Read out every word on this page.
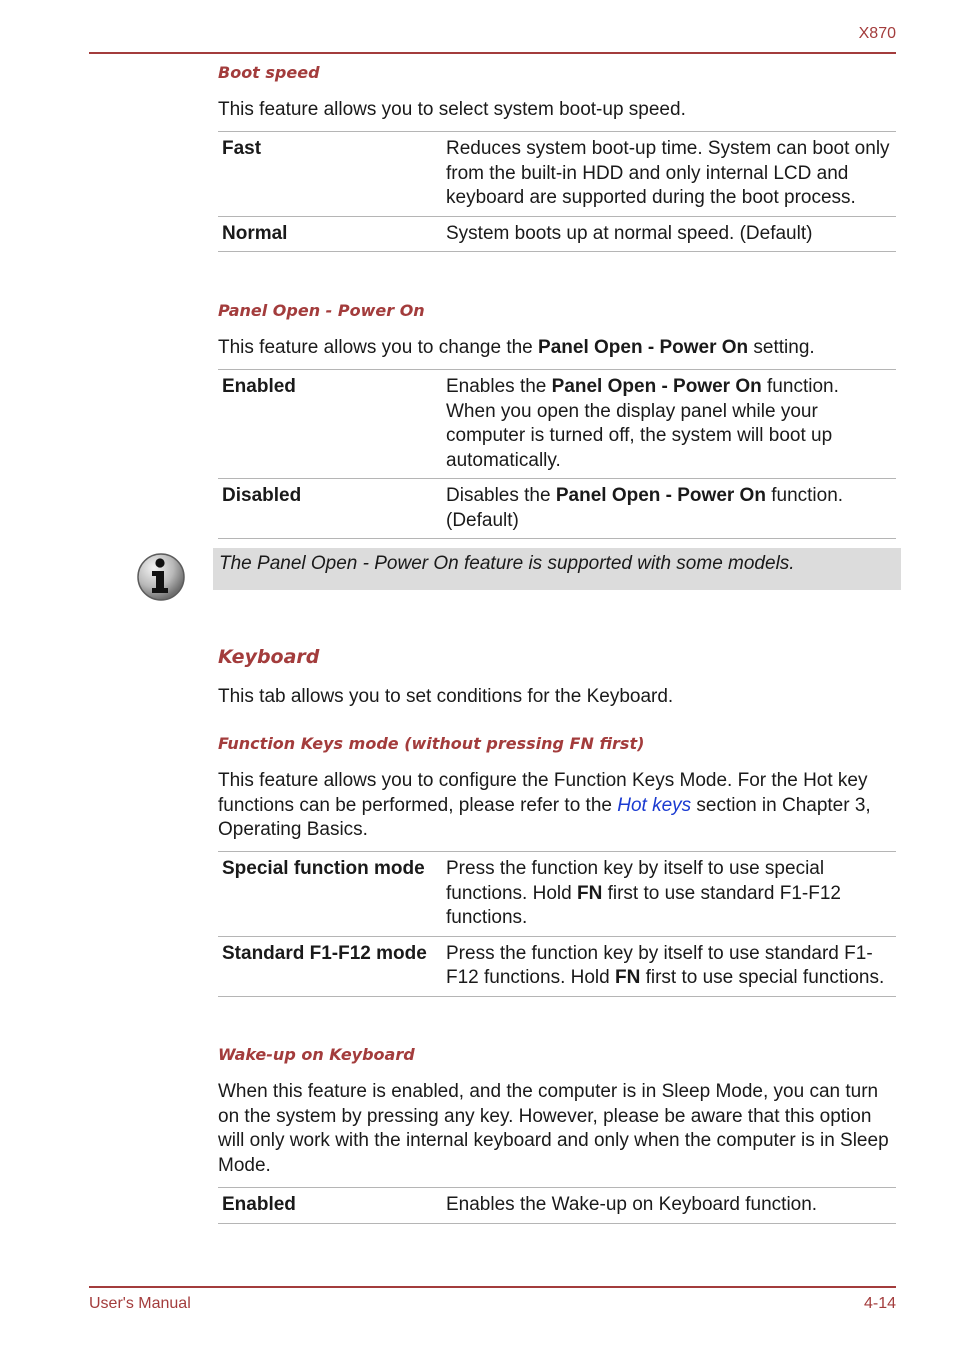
X870
Boot speed
This feature allows you to select system boot-up speed.
Fast	Reduces system boot-up time. System can boot only from the built-in HDD and only internal LCD and keyboard are supported during the boot process.
Normal	System boots up at normal speed. (Default)
Panel Open - Power On
This feature allows you to change the Panel Open - Power On setting.
Enabled	Enables the Panel Open - Power On function. When you open the display panel while your computer is turned off, the system will boot up automatically.
Disabled	Disables the Panel Open - Power On function. (Default)
The Panel Open - Power On feature is supported with some models.
Keyboard
This tab allows you to set conditions for the Keyboard.
Function Keys mode (without pressing FN first)
This feature allows you to configure the Function Keys Mode. For the Hot key functions can be performed, please refer to the Hot keys section in Chapter 3, Operating Basics.
Special function mode	Press the function key by itself to use special functions. Hold FN first to use standard F1-F12 functions.
Standard F1-F12 mode	Press the function key by itself to use standard F1-F12 functions. Hold FN first to use special functions.
Wake-up on Keyboard
When this feature is enabled, and the computer is in Sleep Mode, you can turn on the system by pressing any key. However, please be aware that this option will only work with the internal keyboard and only when the computer is in Sleep Mode.
Enabled	Enables the Wake-up on Keyboard function.
User's Manual	4-14
